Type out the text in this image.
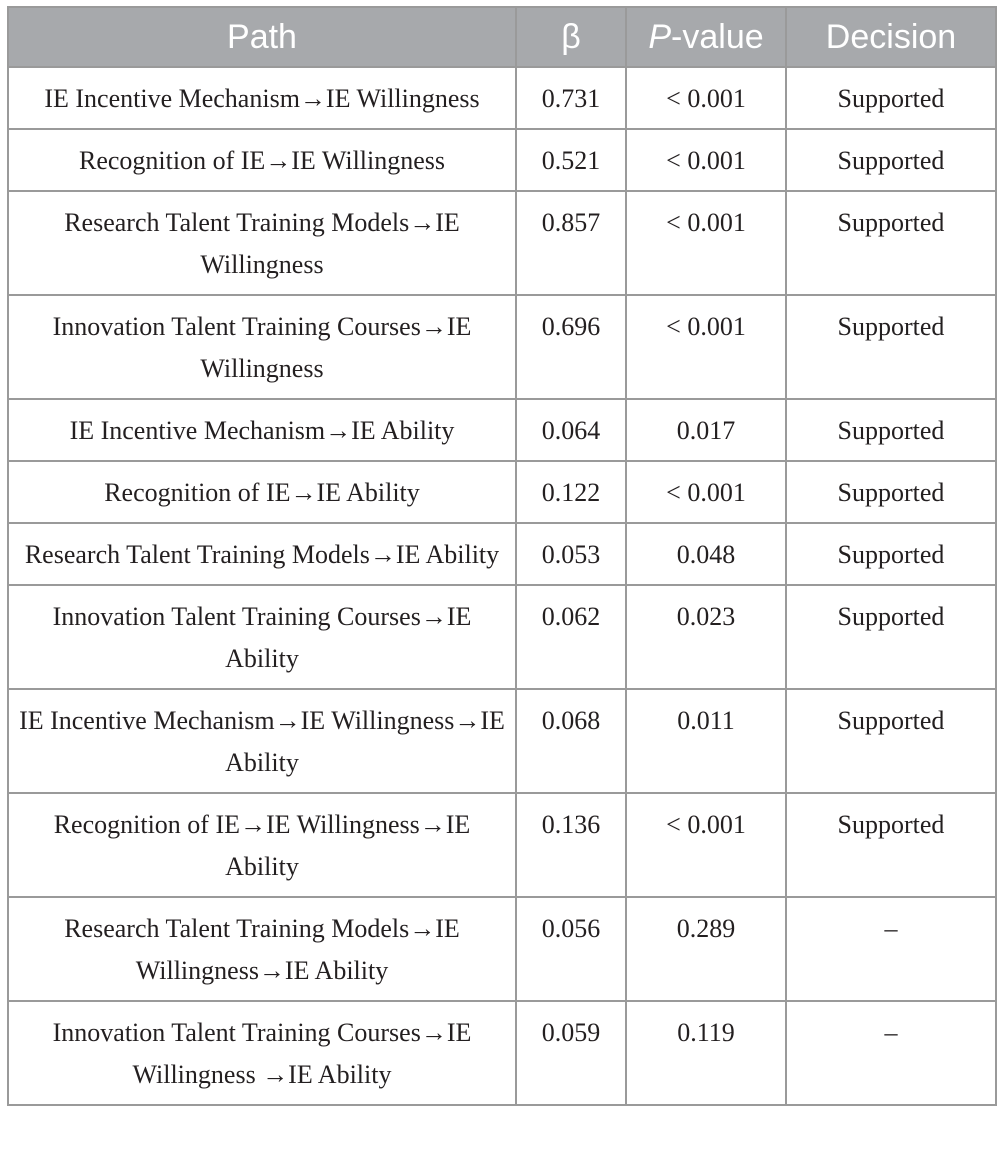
Path	β	P-value	Decision
IE Incentive Mechanism→IE Willingness	0.731	< 0.001	Supported
Recognition of IE→IE Willingness	0.521	< 0.001	Supported
Research Talent Training Models→IE Willingness	0.857	< 0.001	Supported
Innovation Talent Training Courses→IE Willingness	0.696	< 0.001	Supported
IE Incentive Mechanism→IE Ability	0.064	0.017	Supported
Recognition of IE→IE Ability	0.122	< 0.001	Supported
Research Talent Training Models→IE Ability	0.053	0.048	Supported
Innovation Talent Training Courses→IE Ability	0.062	0.023	Supported
IE Incentive Mechanism→IE Willingness→IE Ability	0.068	0.011	Supported
Recognition of IE→IE Willingness→IE Ability	0.136	< 0.001	Supported
Research Talent Training Models→IE Willingness→IE Ability	0.056	0.289	–
Innovation Talent Training Courses→IE Willingness →IE Ability	0.059	0.119	–
